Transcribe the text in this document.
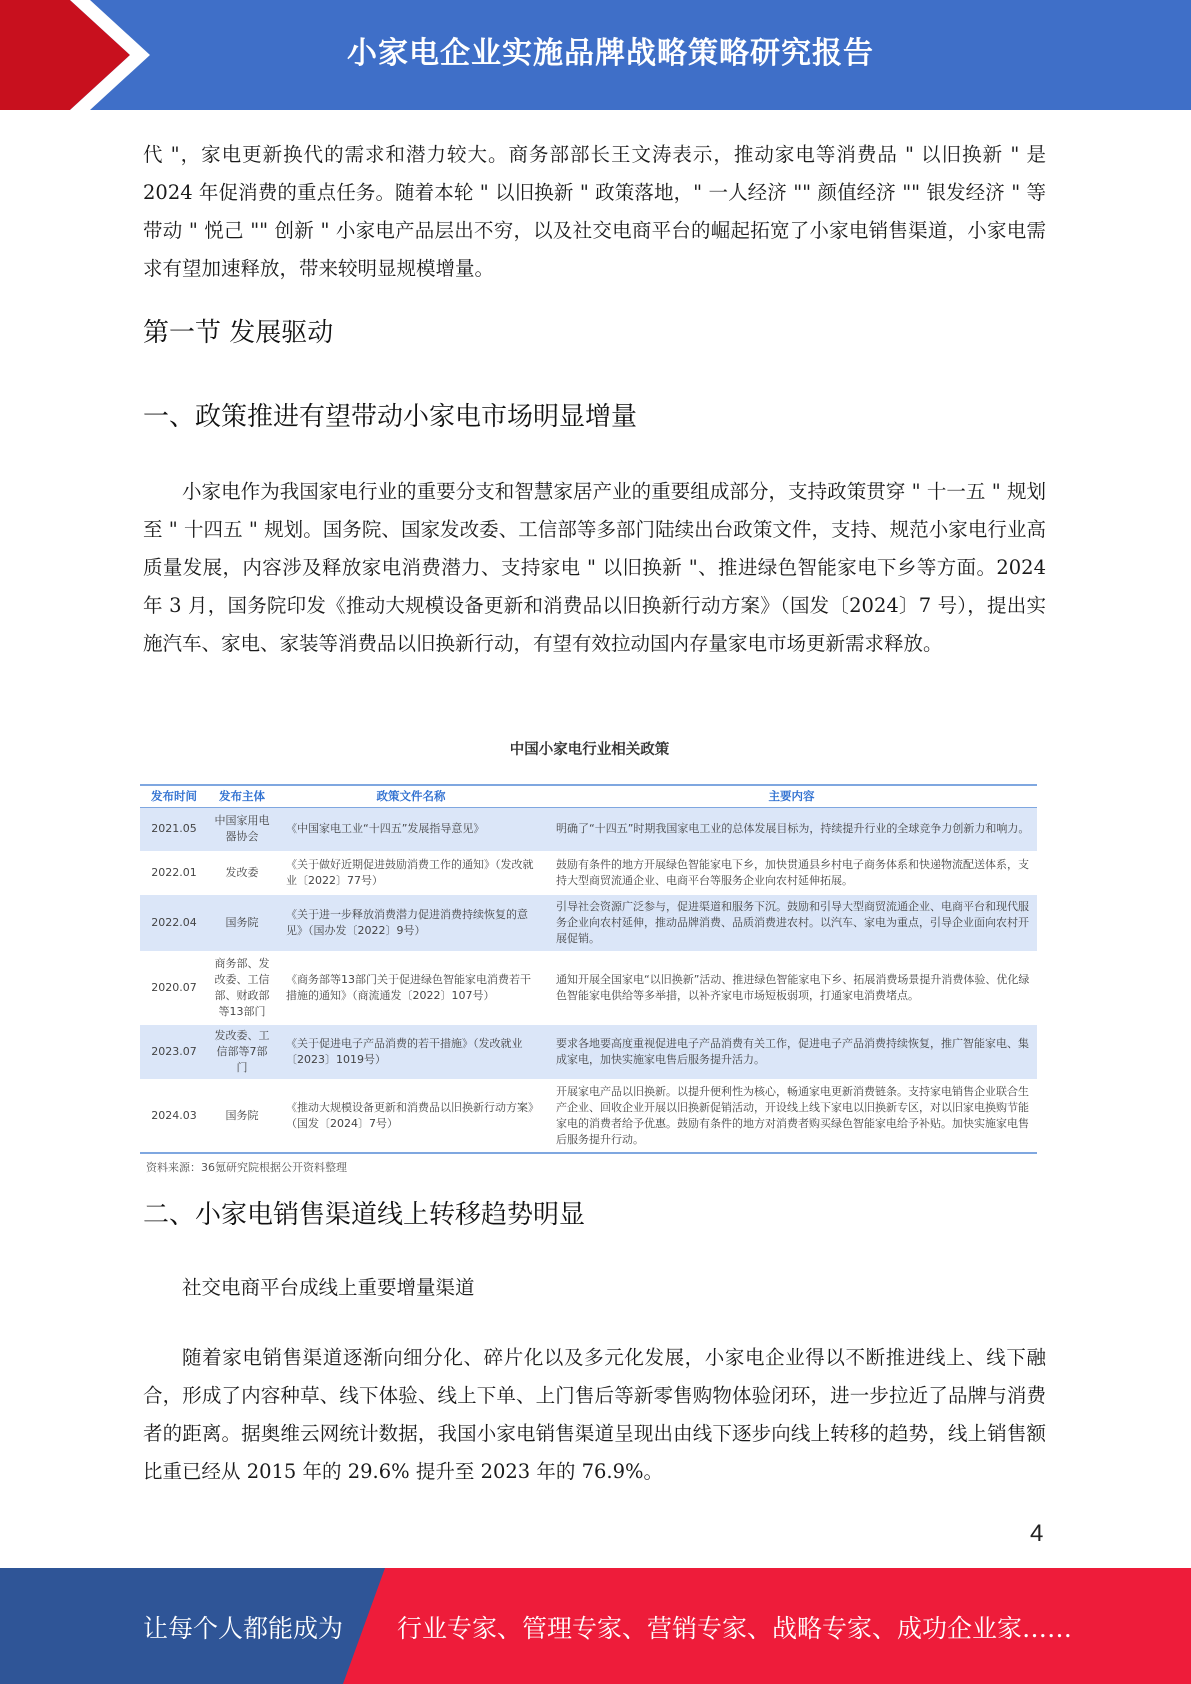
小家电企业实施品牌战略策略研究报告
代 "，家电更新换代的需求和潜力较大。商务部部长王文涛表示，推动家电等消费品 " 以旧换新 " 是 2024 年促消费的重点任务。随着本轮 " 以旧换新 " 政策落地，" 一人经济 "" 颜值经济 "" 银发经济 " 等带动 " 悦己 "" 创新 " 小家电产品层出不穷，以及社交电商平台的崛起拓宽了小家电销售渠道，小家电需求有望加速释放，带来较明显规模增量。
第一节 发展驱动
一、政策推进有望带动小家电市场明显增量
小家电作为我国家电行业的重要分支和智慧家居产业的重要组成部分，支持政策贯穿 " 十一五 " 规划至 " 十四五 " 规划。国务院、国家发改委、工信部等多部门陆续出台政策文件，支持、规范小家电行业高质量发展，内容涉及释放家电消费潜力、支持家电 " 以旧换新 "、推进绿色智能家电下乡等方面。2024 年 3 月，国务院印发《推动大规模设备更新和消费品以旧换新行动方案》（国发〔2024〕7 号），提出实施汽车、家电、家装等消费品以旧换新行动，有望有效拉动国内存量家电市场更新需求释放。
中国小家电行业相关政策
发布时间	发布主体	政策文件名称	主要内容
2021.05	中国家用电器协会	《中国家电工业“十四五”发展指导意见》	明确了“十四五”时期我国家电工业的总体发展目标为，持续提升行业的全球竞争力创新力和响力。
2022.01	发改委	《关于做好近期促进鼓励消费工作的通知》（发改就业〔2022〕77号）	鼓励有条件的地方开展绿色智能家电下乡，加快贯通县乡村电子商务体系和快递物流配送体系，支持大型商贸流通企业、电商平台等服务企业向农村延伸拓展。
2022.04	国务院	《关于进一步释放消费潜力促进消费持续恢复的意见》（国办发〔2022〕9号）	引导社会资源广泛参与，促进渠道和服务下沉。鼓励和引导大型商贸流通企业、电商平台和现代服务企业向农村延伸，推动品牌消费、品质消费进农村。以汽车、家电为重点，引导企业面向农村开展促销。
2020.07	商务部、发改委、工信部、财政部等13部门	《商务部等13部门关于促进绿色智能家电消费若干措施的通知》（商流通发〔2022〕107号）	通知开展全国家电“以旧换新”活动、推进绿色智能家电下乡、拓展消费场景提升消费体验、优化绿色智能家电供给等多举措，以补齐家电市场短板弱项，打通家电消费堵点。
2023.07	发改委、工信部等7部门	《关于促进电子产品消费的若干措施》（发改就业〔2023〕1019号）	要求各地要高度重视促进电子产品消费有关工作，促进电子产品消费持续恢复，推广智能家电、集成家电，加快实施家电售后服务提升活力。
2024.03	国务院	《推动大规模设备更新和消费品以旧换新行动方案》（国发〔2024〕7号）	开展家电产品以旧换新。以提升便利性为核心，畅通家电更新消费链条。支持家电销售企业联合生产企业、回收企业开展以旧换新促销活动，开设线上线下家电以旧换新专区，对以旧家电换购节能家电的消费者给予优惠。鼓励有条件的地方对消费者购买绿色智能家电给予补贴。加快实施家电售后服务提升行动。
资料来源：36氪研究院根据公开资料整理
二、小家电销售渠道线上转移趋势明显
社交电商平台成线上重要增量渠道
随着家电销售渠道逐渐向细分化、碎片化以及多元化发展，小家电企业得以不断推进线上、线下融合，形成了内容种草、线下体验、线上下单、上门售后等新零售购物体验闭环，进一步拉近了品牌与消费者的距离。据奥维云网统计数据，我国小家电销售渠道呈现出由线下逐步向线上转移的趋势，线上销售额比重已经从 2015 年的 29.6% 提升至 2023 年的 76.9%。
4
让每个人都能成为 行业专家、管理专家、营销专家、战略专家、成功企业家……
